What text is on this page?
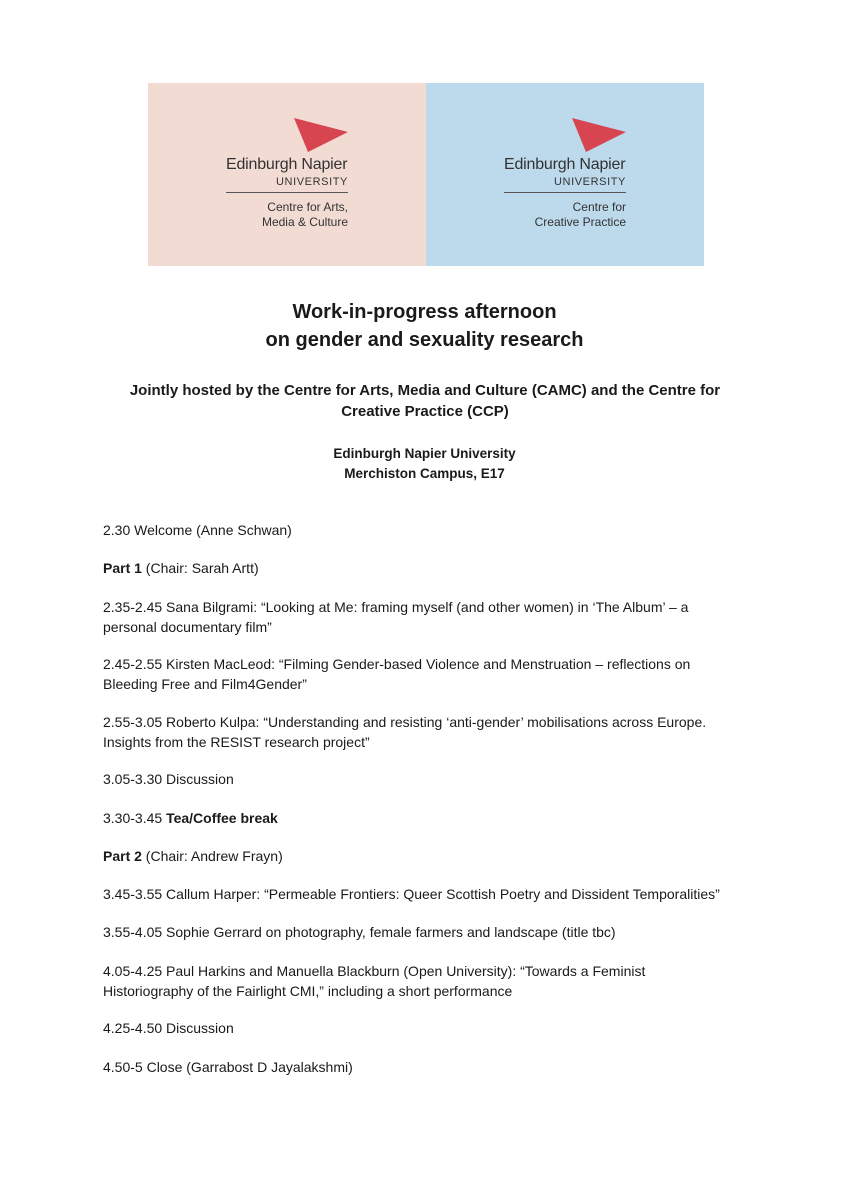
Edinburgh Napier
UNIVERSITY
Centre for Arts,
Media & Culture
Edinburgh Napier
UNIVERSITY
Centre for
Creative Practice
Work-in-progress afternoon
on gender and sexuality research
Jointly hosted by the Centre for Arts, Media and Culture (CAMC) and the Centre for
Creative Practice (CCP)
Edinburgh Napier University
Merchiston Campus, E17
2.30 Welcome (Anne Schwan)
Part 1 (Chair: Sarah Artt)
2.35-2.45 Sana Bilgrami: “Looking at Me: framing myself (and other women) in ‘The Album’ – a
personal documentary film”
2.45-2.55 Kirsten MacLeod: “Filming Gender-based Violence and Menstruation – reflections on
Bleeding Free and Film4Gender”
2.55-3.05 Roberto Kulpa: “Understanding and resisting ‘anti-gender’ mobilisations across Europe.
Insights from the RESIST research project”
3.05-3.30 Discussion
3.30-3.45 Tea/Coffee break
Part 2 (Chair: Andrew Frayn)
3.45-3.55 Callum Harper: “Permeable Frontiers: Queer Scottish Poetry and Dissident Temporalities”
3.55-4.05 Sophie Gerrard on photography, female farmers and landscape (title tbc)
4.05-4.25 Paul Harkins and Manuella Blackburn (Open University): “Towards a Feminist
Historiography of the Fairlight CMI,” including a short performance
4.25-4.50 Discussion
4.50-5 Close (Garrabost D Jayalakshmi)
